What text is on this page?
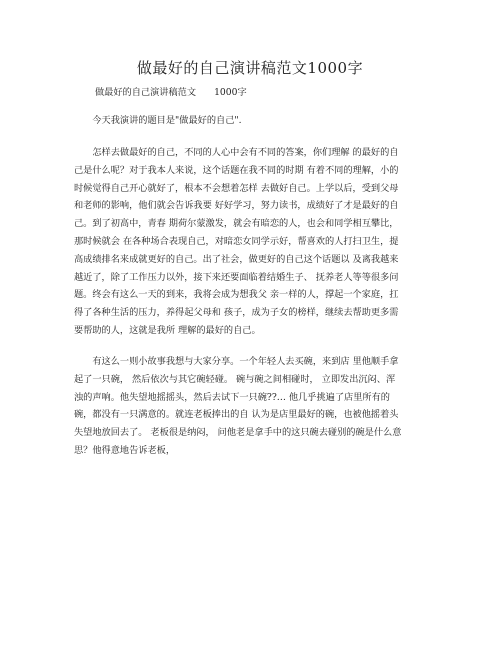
做最好的自己演讲稿范文1000字
做最好的自己演讲稿范文 1000字
　　今天我演讲的题目是"做最好的自己".
　　怎样去做最好的自己，不同的人心中会有不同的答案，你们理解 的最好的自
己是什么呢？对于我本人来说，这个话题在我不同的时期 有着不同的理解，小的
时候觉得自己开心就好了，根本不会想着怎样 去做好自己。上学以后，受到父母
和老师的影响，他们就会告诉我要 好好学习，努力读书，成绩好了才是最好的自
己。到了初高中，青春 期荷尔蒙激发，就会有暗恋的人，也会和同学相互攀比，
那时候就会 在各种场合表现自己，对暗恋女同学示好，帮喜欢的人打扫卫生，提
高成绩排名来成就更好的自己。出了社会，做更好的自己这个话题以 及离我越来
越近了，除了工作压力以外，接下来还要面临着结婚生子、 抚养老人等等很多问
题。终会有这么一天的到来，我将会成为想我父 亲一样的人，撑起一个家庭，扛
得了各种生活的压力，养得起父母和 孩子，成为子女的榜样，继续去帮助更多需
要帮助的人，这就是我所 理解的最好的自己。
　　有这么一则小故事我想与大家分享。一个年轻人去买碗，来到店 里他顺手拿
起了一只碗， 然后依次与其它碗轻碰。 碗与碗之间相碰时， 立即发出沉闷、浑
浊的声响。他失望地摇摇头，然后去试下一只碗??… 他几乎挑遍了店里所有的
碗，都没有一只满意的。就连老板捧出的自 认为是店里最好的碗，也被他摇着头
失望地放回去了。 老板很是纳闷， 问他老是拿手中的这只碗去碰别的碗是什么意
思？他得意地告诉老板，
